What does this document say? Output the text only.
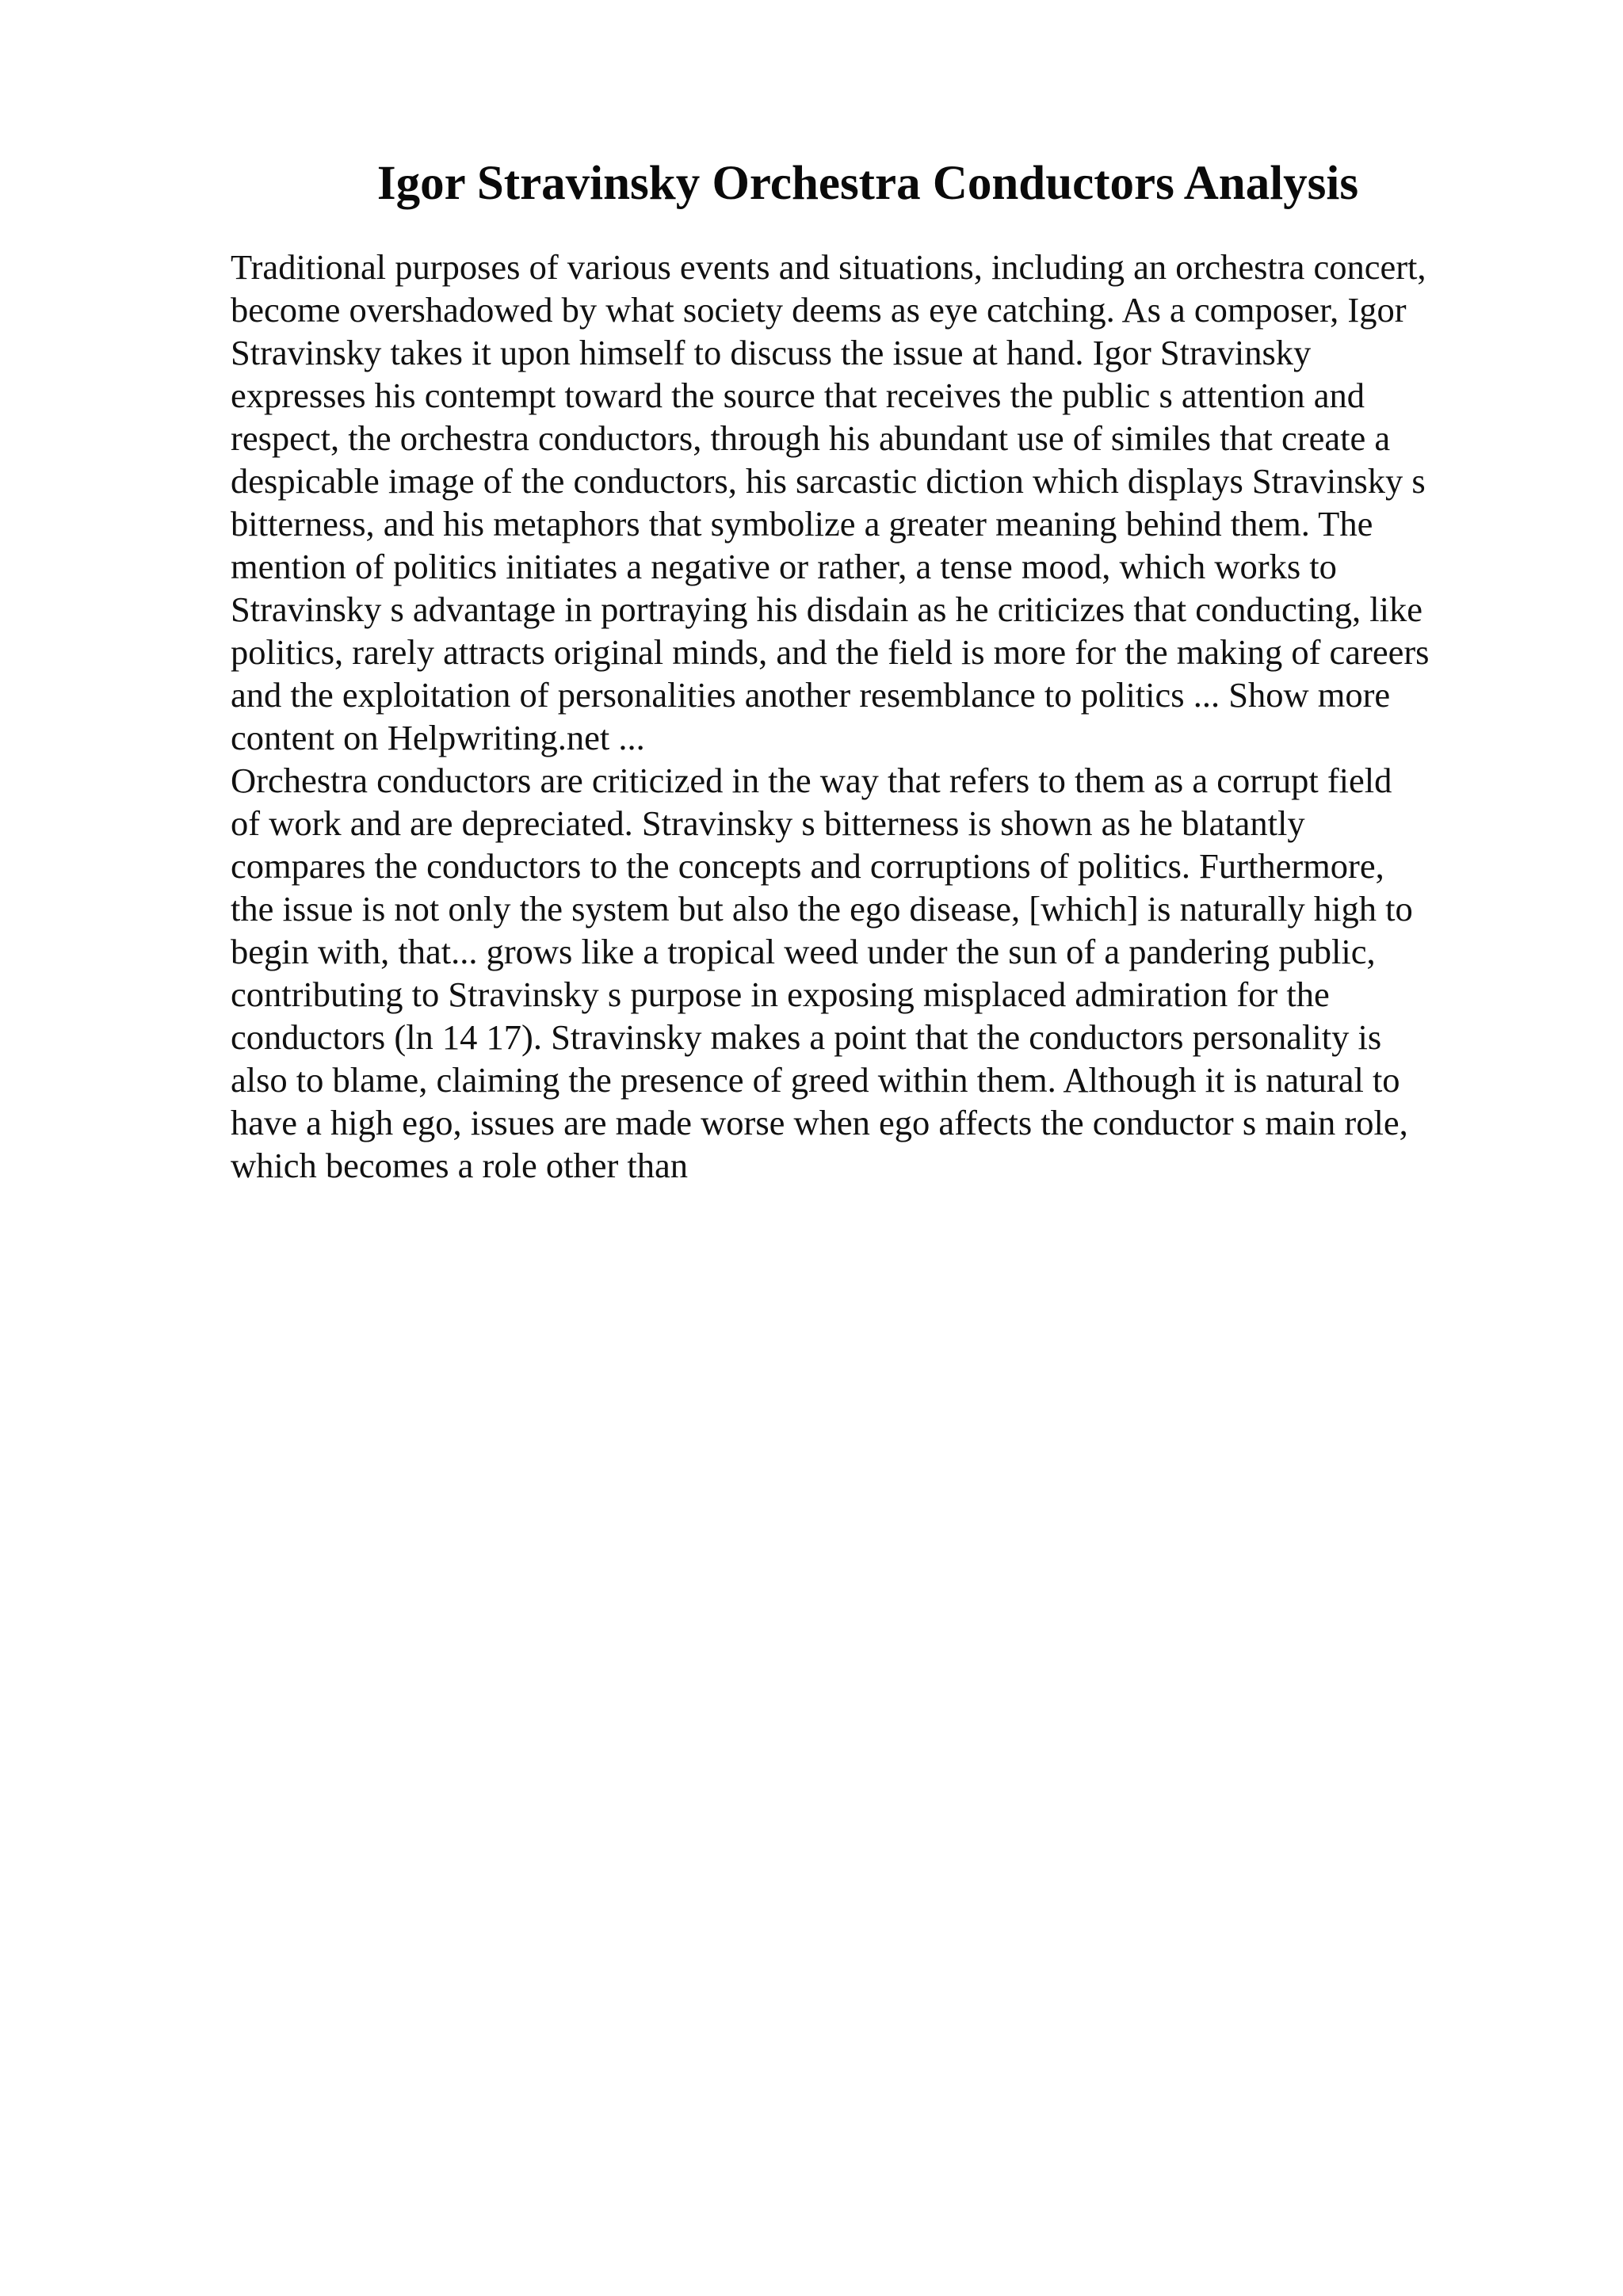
Igor Stravinsky Orchestra Conductors Analysis
Traditional purposes of various events and situations, including an orchestra concert,
become overshadowed by what society deems as eye catching. As a composer, Igor
Stravinsky takes it upon himself to discuss the issue at hand. Igor Stravinsky
expresses his contempt toward the source that receives the public s attention and
respect, the orchestra conductors, through his abundant use of similes that create a
despicable image of the conductors, his sarcastic diction which displays Stravinsky s
bitterness, and his metaphors that symbolize a greater meaning behind them. The
mention of politics initiates a negative or rather, a tense mood, which works to
Stravinsky s advantage in portraying his disdain as he criticizes that conducting, like
politics, rarely attracts original minds, and the field is more for the making of careers
and the exploitation of personalities another resemblance to politics ... Show more
content on Helpwriting.net ...
Orchestra conductors are criticized in the way that refers to them as a corrupt field
of work and are depreciated. Stravinsky s bitterness is shown as he blatantly
compares the conductors to the concepts and corruptions of politics. Furthermore,
the issue is not only the system but also the ego disease, [which] is naturally high to
begin with, that... grows like a tropical weed under the sun of a pandering public,
contributing to Stravinsky s purpose in exposing misplaced admiration for the
conductors (ln 14 17). Stravinsky makes a point that the conductors personality is
also to blame, claiming the presence of greed within them. Although it is natural to
have a high ego, issues are made worse when ego affects the conductor s main role,
which becomes a role other than
